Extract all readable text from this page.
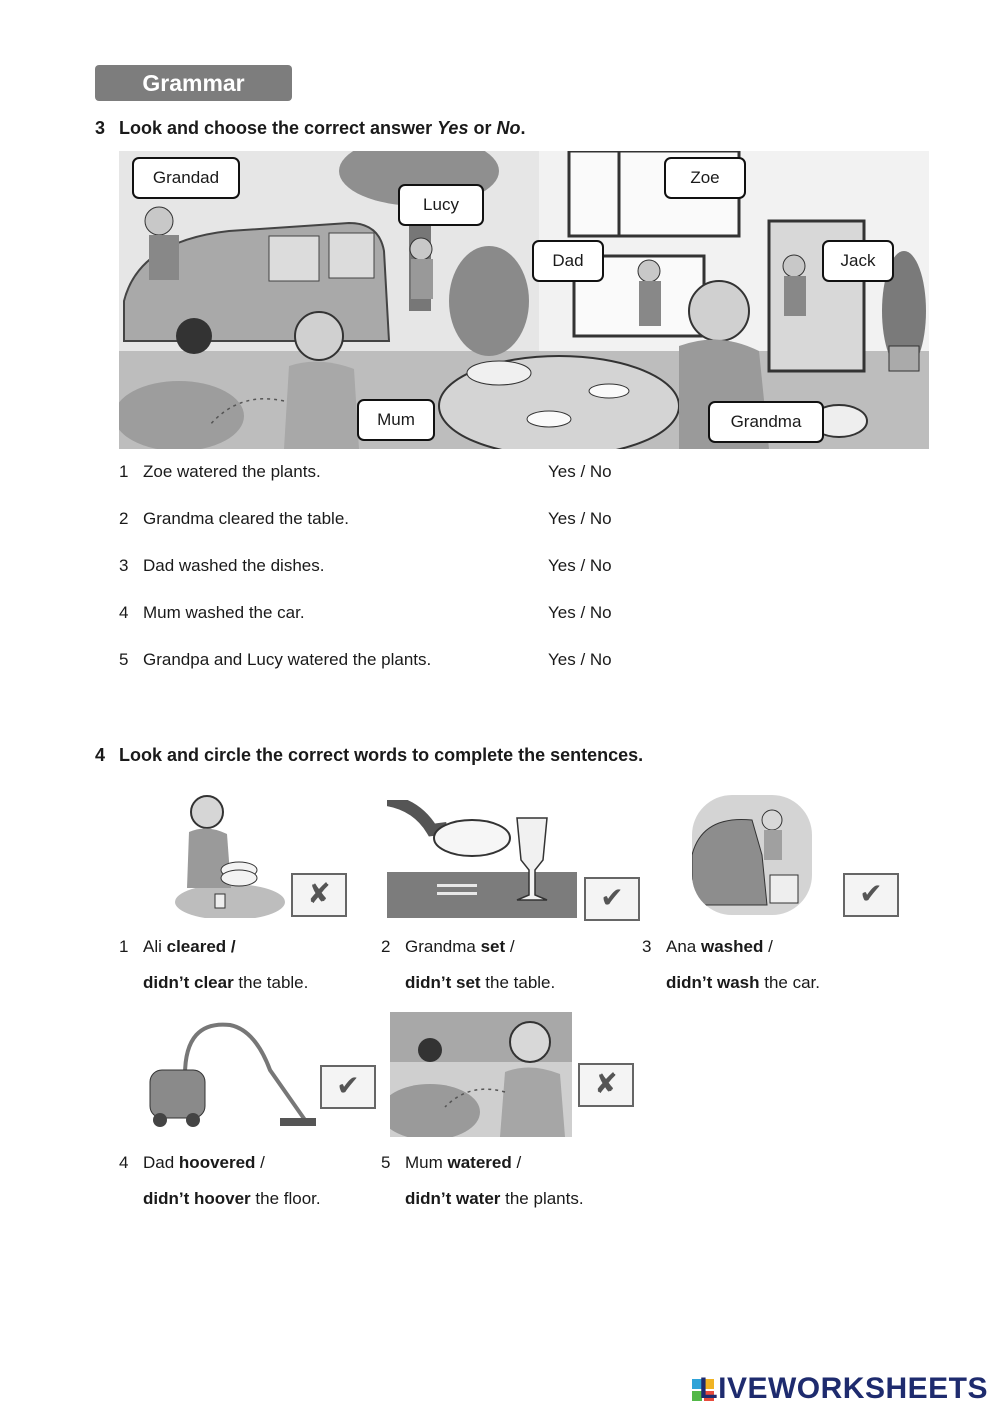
Grammar
3 Look and choose the correct answer Yes or No.
Grandad
Lucy
Zoe
Dad	Jack
Mum	Grandma
1 Zoe watered the plants.	Yes / No
2 Grandma cleared the table.	Yes / No
3 Dad washed the dishes.	Yes / No
4 Mum washed the car.	Yes / No
5 Grandpa and Lucy watered the plants.	Yes / No
4 Look and circle the correct words to complete the sentences.
✘	✔	✔
1 Ali cleared /
didn’t clear the table.
2 Grandma set /
didn’t set the table.
3 Ana washed /
didn’t wash the car.
✔	✘
4 Dad hoovered /
didn’t hoover the floor.
5 Mum watered /
didn’t water the plants.
LIVEWORKSHEETS
